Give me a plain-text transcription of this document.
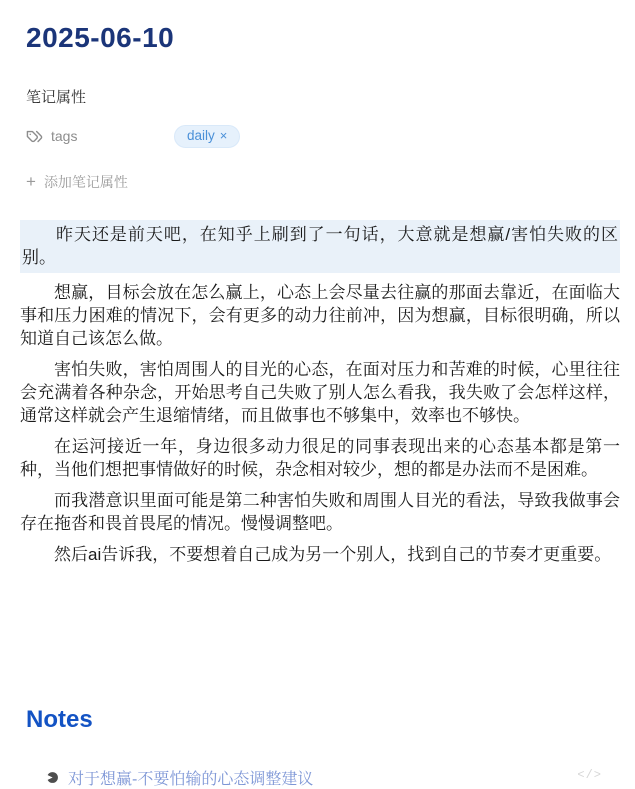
2025-06-10
笔记属性
tags	daily ×
+ 添加笔记属性

昨天还是前天吧，在知乎上刷到了一句话，大意就是想赢/害怕失败的区别。

想赢，目标会放在怎么赢上，心态上会尽量去往赢的那面去靠近，在面临大事和压力困难的情况下，会有更多的动力往前冲，因为想赢，目标很明确，所以知道自己该怎么做。

害怕失败，害怕周围人的目光的心态，在面对压力和苦难的时候，心里往往会充满着各种杂念，开始思考自己失败了别人怎么看我，我失败了会怎样这样，通常这样就会产生退缩情绪，而且做事也不够集中，效率也不够快。

在运河接近一年，身边很多动力很足的同事表现出来的心态基本都是第一种，当他们想把事情做好的时候，杂念相对较少，想的都是办法而不是困难。

而我潜意识里面可能是第二种害怕失败和周围人目光的看法，导致我做事会存在拖沓和畏首畏尾的情况。慢慢调整吧。

然后ai告诉我，不要想着自己成为另一个别人，找到自己的节奏才更重要。

Notes
对于想赢-不要怕输的心态调整建议	</>
